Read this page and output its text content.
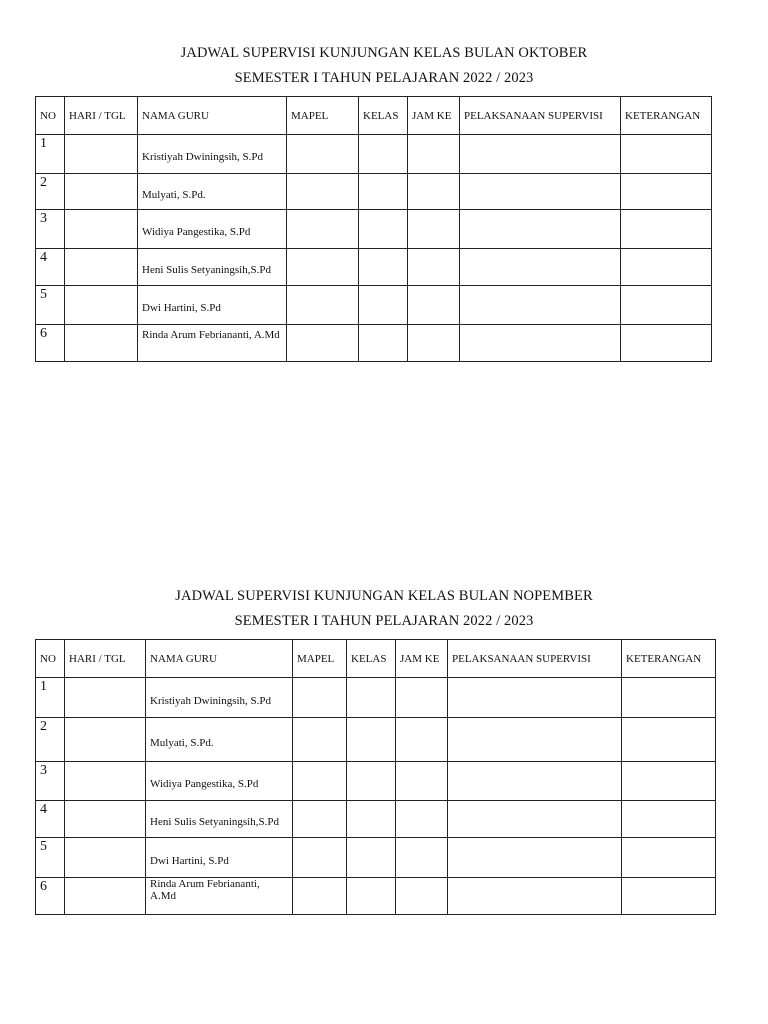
JADWAL SUPERVISI KUNJUNGAN KELAS BULAN OKTOBER
SEMESTER I TAHUN PELAJARAN 2022 / 2023
NO	HARI / TGL	NAMA GURU	MAPEL	KELAS	JAM KE	PELAKSANAAN SUPERVISI	KETERANGAN
1		Kristiyah Dwiningsih, S.Pd					
2		Mulyati, S.Pd.					
3		Widiya Pangestika, S.Pd					
4		Heni Sulis Setyaningsih,S.Pd					
5		Dwi Hartini, S.Pd					
6		Rinda Arum Febriananti, A.Md					
JADWAL SUPERVISI KUNJUNGAN KELAS BULAN NOPEMBER
SEMESTER I TAHUN PELAJARAN 2022 / 2023
NO	HARI / TGL	NAMA GURU	MAPEL	KELAS	JAM KE	PELAKSANAAN SUPERVISI	KETERANGAN
1		Kristiyah Dwiningsih, S.Pd					
2		Mulyati, S.Pd.					
3		Widiya Pangestika, S.Pd					
4		Heni Sulis Setyaningsih,S.Pd					
5		Dwi Hartini, S.Pd					
6		Rinda Arum Febriananti, A.Md					
